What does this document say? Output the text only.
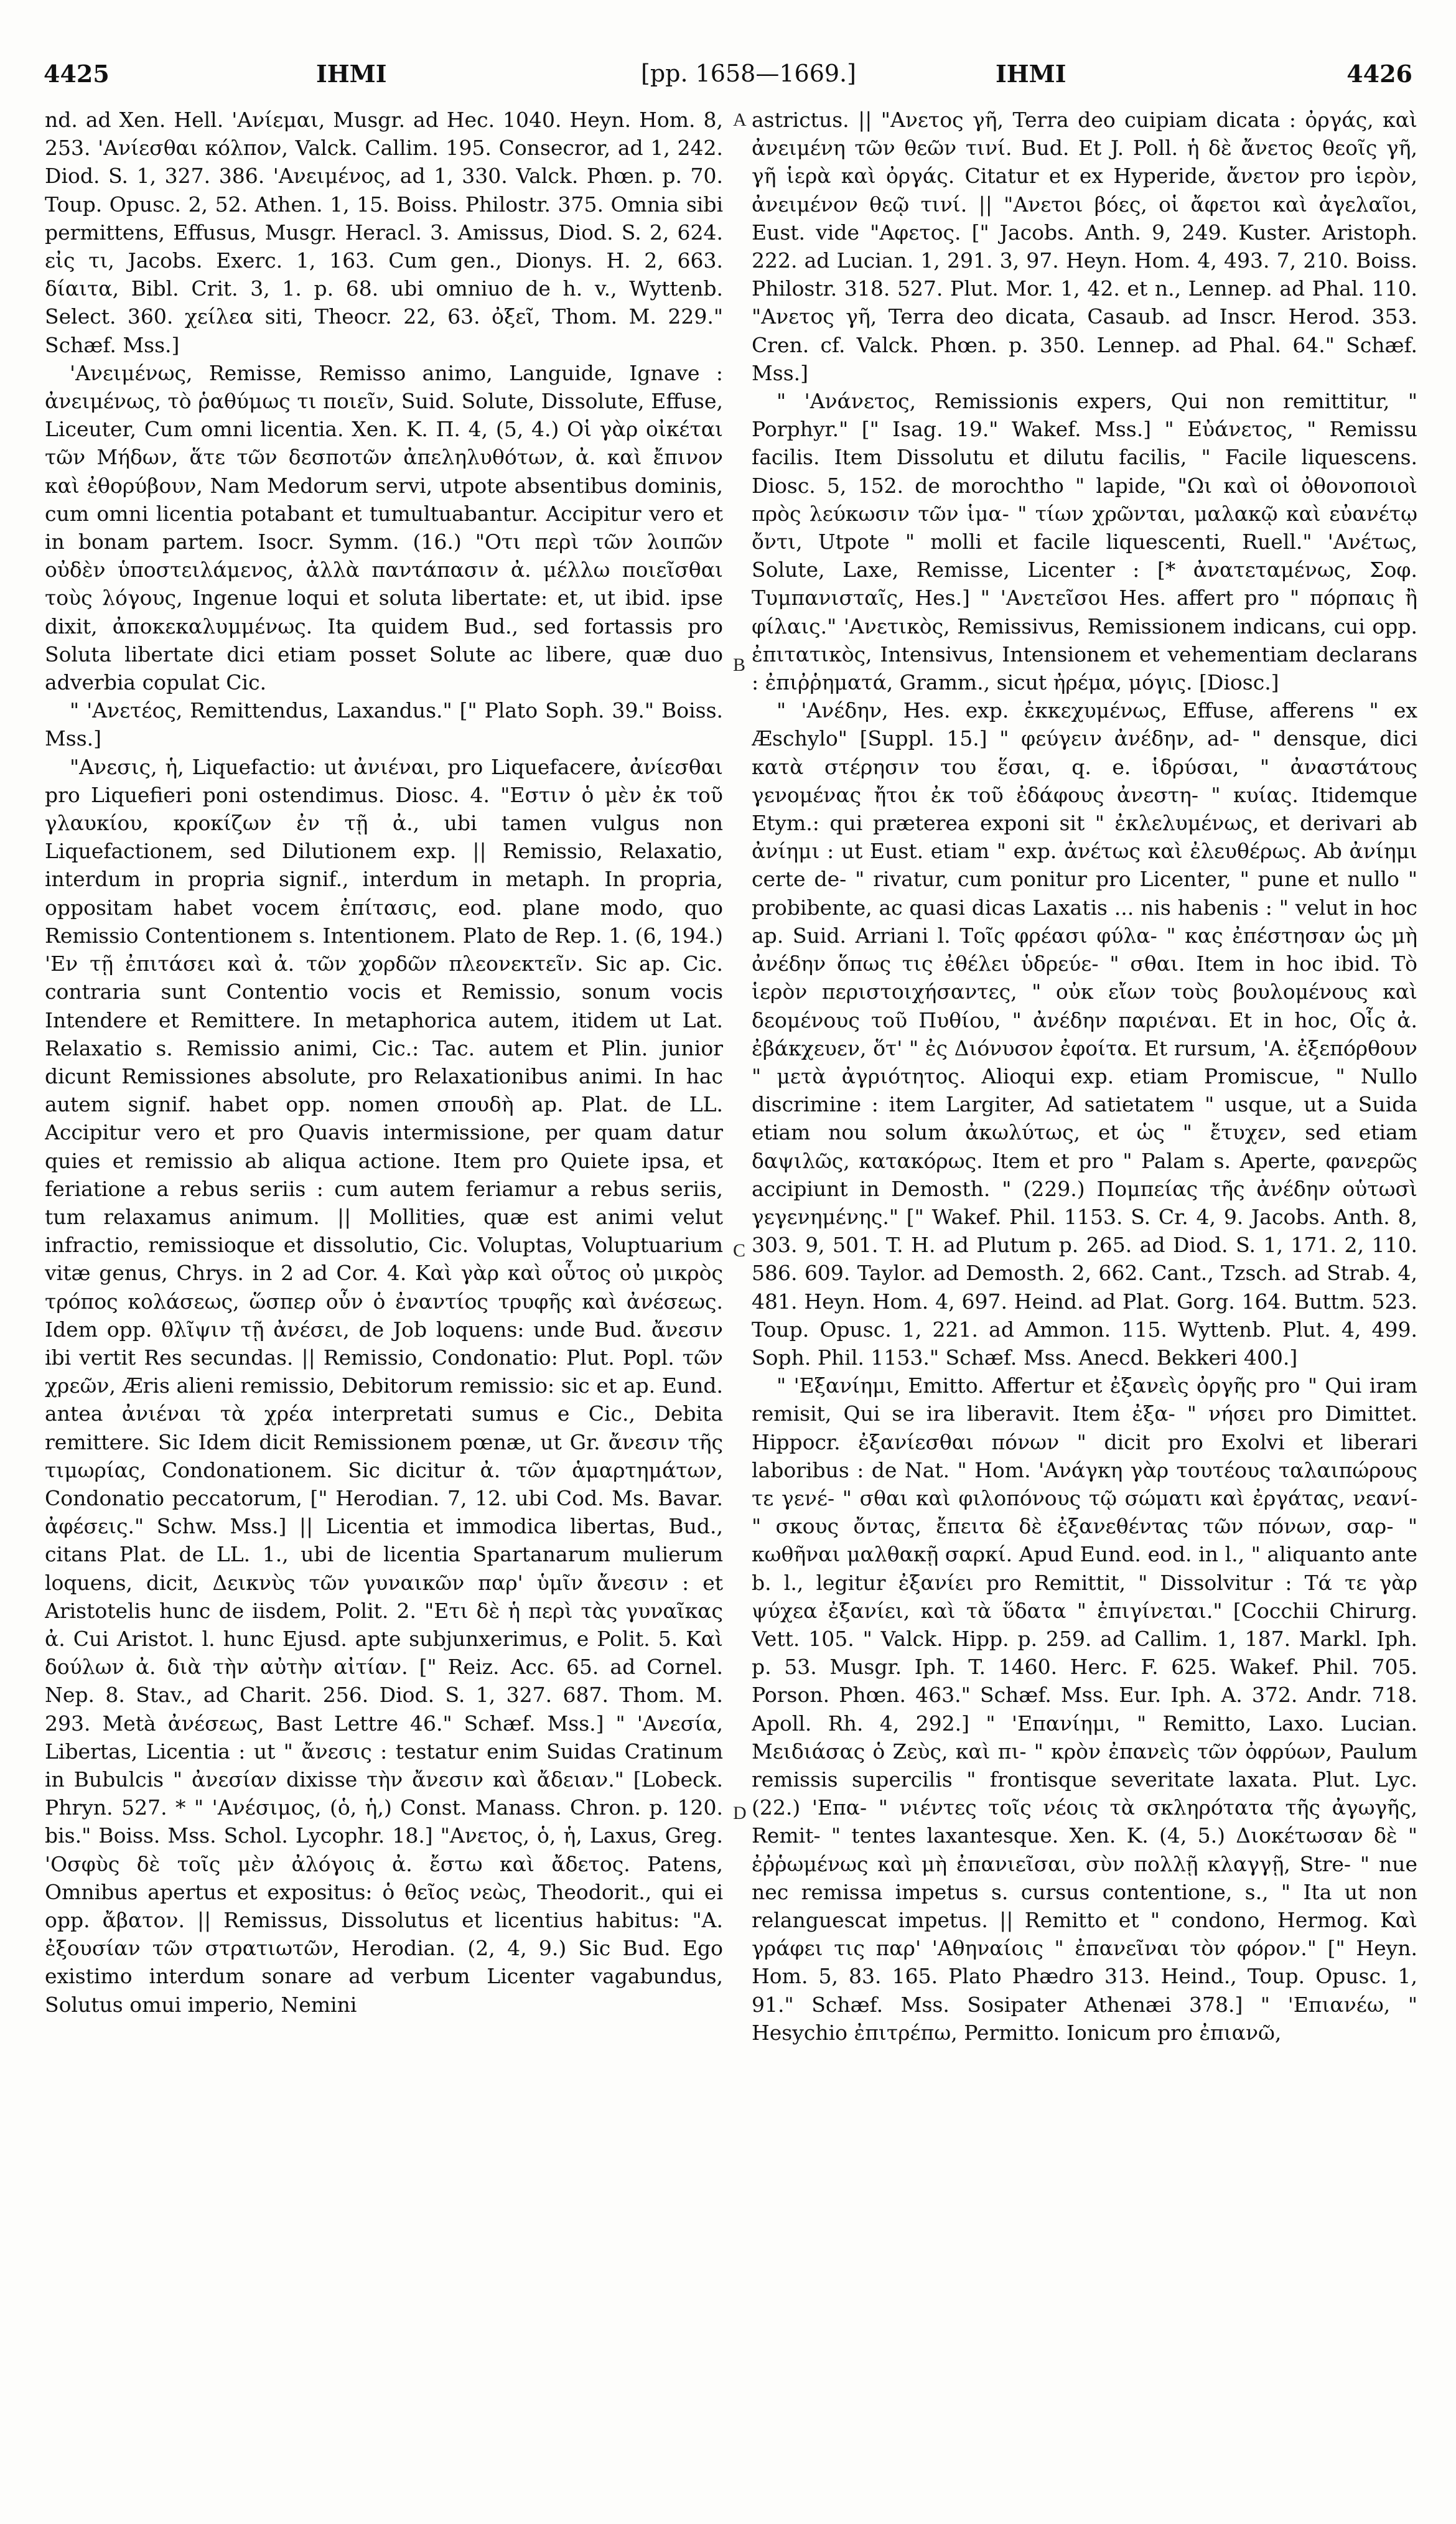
4425	ΙΗΜΙ	[pp. 1658—1669.]	ΙΗΜΙ	4426
A
B
C
D

nd. ad Xen. Hell. 'Ανίεμαι, Musgr. ad Hec. 1040. Heyn. Hom. 8, 253. 'Ανίεσθαι κόλπον, Valck. Callim. 195. Consecror, ad 1, 242. Diod. S. 1, 327. 386. 'Ανειμένος, ad 1, 330. Valck. Phœn. p. 70. Toup. Opusc. 2, 52. Athen. 1, 15. Boiss. Philostr. 375. Omnia sibi permittens, Effusus, Musgr. Heracl. 3. Amissus, Diod. S. 2, 624. εἰς τι, Jacobs. Exerc. 1, 163. Cum gen., Dionys. H. 2, 663. δίαιτα, Bibl. Crit. 3, 1. p. 68. ubi omniuo de h. v., Wyttenb. Select. 360. χείλεα siti, Theocr. 22, 63. ὀξεῖ, Thom. M. 229." Schæf. Mss.]

'Ανειμένως, Remisse, Remisso animo, Languide, Ignave : ἀνειμένως, τὸ ῥαθύμως τι ποιεῖν, Suid. Solute, Dissolute, Effuse, Liceuter, Cum omni licentia. Xen. K. Π. 4, (5, 4.) Οἱ γὰρ οἰκέται τῶν Μήδων, ἅτε τῶν δεσποτῶν ἀπεληλυθότων, ἀ. καὶ ἔπινον καὶ ἐθορύβουν, Nam Medorum servi, utpote absentibus dominis, cum omni licentia potabant et tumultuabantur. Accipitur vero et in bonam partem. Isocr. Symm. (16.) "Οτι περὶ τῶν λοιπῶν οὐδὲν ὑποστειλάμενος, ἀλλὰ παντάπασιν ἀ. μέλλω ποιεῖσθαι τοὺς λόγους, Ingenue loqui et soluta libertate: et, ut ibid. ipse dixit, ἀποκεκαλυμμένως. Ita quidem Bud., sed fortassis pro Soluta libertate dici etiam posset Solute ac libere, quæ duo adverbia copulat Cic.

" 'Ανετέος, Remittendus, Laxandus." [" Plato Soph. 39." Boiss. Mss.]

"Ανεσις, ἡ, Liquefactio: ut ἀνιέναι, pro Liquefacere, ἀνίεσθαι pro Liquefieri poni ostendimus. Diosc. 4. "Εστιν ὁ μὲν ἐκ τοῦ γλαυκίου, κροκίζων ἐν τῇ ἀ., ubi tamen vulgus non Liquefactionem, sed Dilutionem exp. || Remissio, Relaxatio, interdum in propria signif., interdum in metaph. In propria, oppositam habet vocem ἐπίτασις, eod. plane modo, quo Remissio Contentionem s. Intentionem. Plato de Rep. 1. (6, 194.) 'Εν τῇ ἐπιτάσει καὶ ἀ. τῶν χορδῶν πλεονεκτεῖν. Sic ap. Cic. contraria sunt Contentio vocis et Remissio, sonum vocis Intendere et Remittere. In metaphorica autem, itidem ut Lat. Relaxatio s. Remissio animi, Cic.: Tac. autem et Plin. junior dicunt Remissiones absolute, pro Relaxationibus animi. In hac autem signif. habet opp. nomen σπουδὴ ap. Plat. de LL. Accipitur vero et pro Quavis intermissione, per quam datur quies et remissio ab aliqua actione. Item pro Quiete ipsa, et feriatione a rebus seriis : cum autem feriamur a rebus seriis, tum relaxamus animum. || Mollities, quæ est animi velut infractio, remissioque et dissolutio, Cic. Voluptas, Voluptuarium vitæ genus, Chrys. in 2 ad Cor. 4. Καὶ γὰρ καὶ οὗτος οὐ μικρὸς τρόπος κολάσεως, ὥσπερ οὖν ὁ ἐναντίος τρυφῆς καὶ ἀνέσεως. Idem opp. θλῖψιν τῇ ἀνέσει, de Job loquens: unde Bud. ἄνεσιν ibi vertit Res secundas. || Remissio, Condonatio: Plut. Popl. τῶν χρεῶν, Æris alieni remissio, Debitorum remissio: sic et ap. Eund. antea ἀνιέναι τὰ χρέα interpretati sumus e Cic., Debita remittere. Sic Idem dicit Remissionem pœnæ, ut Gr. ἄνεσιν τῆς τιμωρίας, Condonationem. Sic dicitur ἀ. τῶν ἁμαρτημάτων, Condonatio peccatorum, [" Herodian. 7, 12. ubi Cod. Ms. Bavar. ἀφέσεις." Schw. Mss.] || Licentia et immodica libertas, Bud., citans Plat. de LL. 1., ubi de licentia Spartanarum mulierum loquens, dicit, Δεικνὺς τῶν γυναικῶν παρ' ὑμῖν ἄνεσιν : et Aristotelis hunc de iisdem, Polit. 2. "Ετι δὲ ἡ περὶ τὰς γυναῖκας ἀ. Cui Aristot. l. hunc Ejusd. apte subjunxerimus, e Polit. 5. Καὶ δούλων ἀ. διὰ τὴν αὐτὴν αἰτίαν. [" Reiz. Acc. 65. ad Cornel. Nep. 8. Stav., ad Charit. 256. Diod. S. 1, 327. 687. Thom. M. 293. Metà ἀνέσεως, Bast Lettre 46." Schæf. Mss.] " 'Ανεσία, Libertas, Licentia : ut " ἄνεσις : testatur enim Suidas Cratinum in Bubulcis " ἀνεσίαν dixisse τὴν ἄνεσιν καὶ ἄδειαν." [Lobeck. Phryn. 527. * " 'Ανέσιμος, (ὁ, ἡ,) Const. Manass. Chron. p. 120. bis." Boiss. Mss. Schol. Lycophr. 18.] "Ανετος, ὁ, ἡ, Laxus, Greg. 'Οσφὺς δὲ τοῖς μὲν ἀλόγοις ἀ. ἔστω καὶ ἄδετος. Patens, Omnibus apertus et expositus: ὁ θεῖος νεὼς, Theodorit., qui ei opp. ἄβατον. || Remissus, Dissolutus et licentius habitus: "Α. ἐξουσίαν τῶν στρατιωτῶν, Herodian. (2, 4, 9.) Sic Bud. Ego existimo interdum sonare ad verbum Licenter vagabundus, Solutus omui imperio, Nemini

astrictus. || "Ανετος γῆ, Terra deo cuipiam dicata : ὀργάς, καὶ ἀνειμένη τῶν θεῶν τινί. Bud. Et J. Poll. ἡ δὲ ἄνετος θεοῖς γῆ, γῆ ἱερὰ καὶ ὀργάς. Citatur et ex Hyperide, ἄνετον pro ἱερὸν, ἀνειμένον θεῷ τινί. || "Ανετοι βόες, οἱ ἄφετοι καὶ ἀγελαῖοι, Eust. vide "Αφετος. [" Jacobs. Anth. 9, 249. Kuster. Aristoph. 222. ad Lucian. 1, 291. 3, 97. Heyn. Hom. 4, 493. 7, 210. Boiss. Philostr. 318. 527. Plut. Mor. 1, 42. et n., Lennep. ad Phal. 110. "Ανετος γῆ, Terra deo dicata, Casaub. ad Inscr. Herod. 353. Cren. cf. Valck. Phœn. p. 350. Lennep. ad Phal. 64." Schæf. Mss.]

" 'Ανάνετος, Remissionis expers, Qui non remittitur, " Porphyr." [" Isag. 19." Wakef. Mss.] " Εὐάνετος, " Remissu facilis. Item Dissolutu et dilutu facilis, " Facile liquescens. Diosc. 5, 152. de morochtho " lapide, "Ωι καὶ οἱ ὀθονοποιοὶ πρὸς λεύκωσιν τῶν ἱμα- " τίων χρῶνται, μαλακῷ καὶ εὐανέτῳ ὄντι, Utpote " molli et facile liquescenti, Ruell." 'Ανέτως, Solute, Laxe, Remisse, Licenter : [* ἀνατεταμένως, Σοφ. Τυμπανισταῖς, Hes.] " 'Ανετεῖσοι Hes. affert pro " πόρπαις ἢ φίλαις." 'Ανετικὸς, Remissivus, Remissionem indicans, cui opp. ἐπιτατικὸς, Intensivus, Intensionem et vehementiam declarans : ἐπιῤῥηματά, Gramm., sicut ἠρέμα, μόγις. [Diosc.]

" 'Ανέδην, Hes. exp. ἐκκεχυμένως, Effuse, afferens " ex Æschylo" [Suppl. 15.] " φεύγειν ἀνέδην, ad- " densque, dici κατὰ στέρησιν του ἕσαι, q. e. ἱδρύσαι, " ἀναστάτους γενομένας ἤτοι ἐκ τοῦ ἐδάφους ἀνεστη- " κυίας. Itidemque Etym.: qui præterea exponi sit " ἐκλελυμένως, et derivari ab ἀνίημι : ut Eust. etiam " exp. ἀνέτως καὶ ἐλευθέρως. Ab ἀνίημι certe de- " rivatur, cum ponitur pro Licenter, " pune et nullo " probibente, ac quasi dicas Laxatis ... nis habenis : " velut in hoc ap. Suid. Arriani l. Τοῖς φρέασι φύλα- " κας ἐπέστησαν ὡς μὴ ἀνέδην ὅπως τις ἐθέλει ὑδρεύε- " σθαι. Item in hoc ibid. Τὸ ἱερὸν περιστοιχήσαντες, " οὐκ εἴων τοὺς βουλομένους καὶ δεομένους τοῦ Πυθίου, " ἀνέδην παριέναι. Et in hoc, Οἷς ἀ. ἐβάκχευεν, ὅτ' " ἐς Διόνυσον ἐφοίτα. Et rursum, 'Α. ἐξεπόρθουν " μετὰ ἀγριότητος. Alioqui exp. etiam Promiscue, " Nullo discrimine : item Largiter, Ad satietatem " usque, ut a Suida etiam nou solum ἀκωλύτως, et ὡς " ἔτυχεν, sed etiam δαψιλῶς, κατακόρως. Item et pro " Palam s. Aperte, φανερῶς accipiunt in Demosth. " (229.) Πομπείας τῆς ἀνέδην οὑτωσὶ γεγενημένης." [" Wakef. Phil. 1153. S. Cr. 4, 9. Jacobs. Anth. 8, 303. 9, 501. T. H. ad Plutum p. 265. ad Diod. S. 1, 171. 2, 110. 586. 609. Taylor. ad Demosth. 2, 662. Cant., Tzsch. ad Strab. 4, 481. Heyn. Hom. 4, 697. Heind. ad Plat. Gorg. 164. Buttm. 523. Toup. Opusc. 1, 221. ad Ammon. 115. Wyttenb. Plut. 4, 499. Soph. Phil. 1153." Schæf. Mss. Anecd. Bekkeri 400.]

" 'Εξανίημι, Emitto. Affertur et ἐξανεὶς ὀργῆς pro " Qui iram remisit, Qui se ira liberavit. Item ἐξα- " νήσει pro Dimittet. Hippocr. ἐξανίεσθαι πόνων " dicit pro Exolvi et liberari laboribus : de Nat. " Hom. 'Ανάγκη γὰρ τουτέους ταλαιπώρους τε γενέ- " σθαι καὶ φιλοπόνους τῷ σώματι καὶ ἐργάτας, νεανί- " σκους ὄντας, ἔπειτα δὲ ἐξανεθέντας τῶν πόνων, σαρ- " κωθῆναι μαλθακῇ σαρκί. Apud Eund. eod. in l., " aliquanto ante b. l., legitur ἐξανίει pro Remittit, " Dissolvitur : Τά τε γὰρ ψύχεα ἐξανίει, καὶ τὰ ὕδατα " ἐπιγίνεται." [Cocchii Chirurg. Vett. 105. " Valck. Hipp. p. 259. ad Callim. 1, 187. Markl. Iph. p. 53. Musgr. Iph. T. 1460. Herc. F. 625. Wakef. Phil. 705. Porson. Phœn. 463." Schæf. Mss. Eur. Iph. A. 372. Andr. 718. Apoll. Rh. 4, 292.] " 'Επανίημι, " Remitto, Laxo. Lucian. Μειδιάσας ὁ Ζεὺς, καὶ πι- " κρὸν ἐπανεὶς τῶν ὀφρύων, Paulum remissis supercilis " frontisque severitate laxata. Plut. Lyc. (22.) 'Επα- " νιέντες τοῖς νέοις τὰ σκληρότατα τῆς ἀγωγῆς, Remit- " tentes laxantesque. Xen. K. (4, 5.) Διοκέτωσαν δὲ " ἐῤῥωμένως καὶ μὴ ἐπανιεῖσαι, σὺν πολλῇ κλαγγῇ, Stre- " nue nec remissa impetus s. cursus contentione, s., " Ita ut non relanguescat impetus. || Remitto et " condono, Hermog. Καὶ γράφει τις παρ' 'Αθηναίοις " ἐπανεῖναι τὸν φόρον." [" Heyn. Hom. 5, 83. 165. Plato Phædro 313. Heind., Toup. Opusc. 1, 91." Schæf. Mss. Sosipater Athenæi 378.] " 'Επιανέω, " Hesychio ἐπιτρέπω, Permitto. Ionicum pro ἐπιανῶ,
